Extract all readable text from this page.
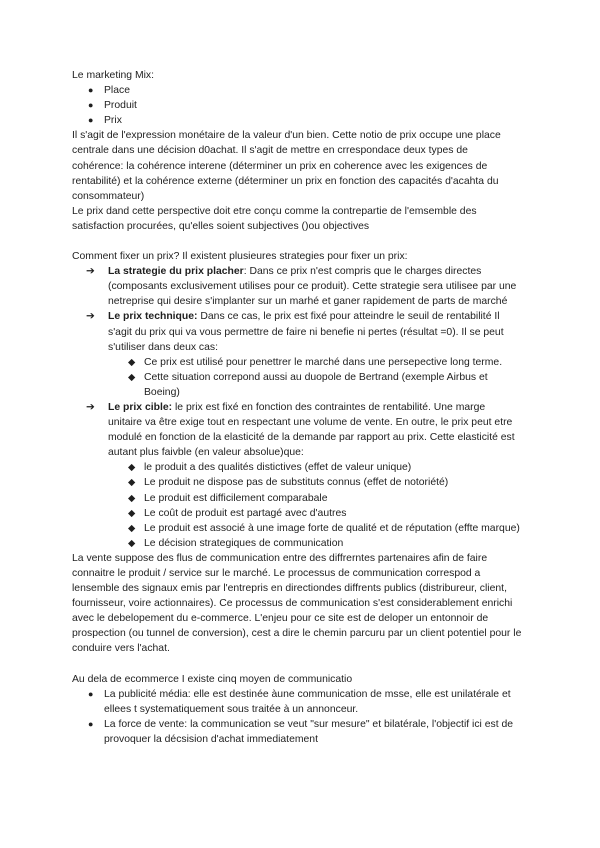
Le marketing Mix:

● Place
● Produit
● Prix

Il s'agit de l'expression monétaire de la valeur d'un bien. Cette notio de prix occupe une place centrale dans une décision d0achat. Il s'agit de mettre en crrespondace deux types de cohérence: la cohérence interene (déterminer un prix en coherence avec les exigences de rentabilité) et la cohérence externe (déterminer un prix en fonction des capacités d'acahta du consommateur)

Le prix dand cette perspective doit etre conçu comme la contrepartie de l'emsemble des satisfaction procurées, qu'elles soient subjectives ()ou objectives

Comment fixer un prix? Il existent plusieures strategies pour fixer un prix:

➔ La strategie du prix placher: Dans ce prix n'est compris que le charges directes (composants exclusivement utilises pour ce produit). Cette strategie sera utilisee par une netreprise qui desire s'implanter sur un marhé et ganer rapidement de parts de marché
➔ Le prix technique: Dans ce cas, le prix est fixé pour atteindre le seuil de rentabilité Il s'agit du prix qui va vous permettre de faire ni benefie ni pertes (résultat =0). Il se peut s'utiliser dans deux cas:
◆ Ce prix est utilisé pour penettrer le marché dans une persepective long terme.
◆ Cette situation correpond aussi au duopole de Bertrand (exemple Airbus et Boeing)
➔ Le prix cible: le prix est fixé en fonction des contraintes de rentabilité. Une marge unitaire va être exige tout en respectant une volume de vente. En outre, le prix peut etre modulé en fonction de la elasticité de la demande par rapport au prix. Cette elasticité est autant plus faivble (en valeur absolue)que:
◆ le produit a des qualités distictives (effet de valeur unique)
◆ Le produit ne dispose pas de substituts connus (effet de notoriété)
◆ Le produit est difficilement comparabale
◆ Le coût de produit est partagé avec d'autres
◆ Le produit est associé à une image forte de qualité et de réputation (effte marque)
◆ Le décision strategiques de communication

La vente suppose des flus de communication entre des diffrerntes partenaires afin de faire connaitre le produit / service sur le marché. Le processus de communication correspod a lensemble des signaux emis par l'entrepris en directiondes diffrents publics (distribureur, client, fournisseur, voire actionnaires). Ce processus de communication s'est considerablement enrichi avec le debelopement du e-commerce. L'enjeu pour ce site est de deloper un entonnoir de prospection (ou tunnel de conversion), cest a dire le chemin parcuru par un client potentiel pour le conduire vers l'achat.

Au dela de ecommerce I existe cinq moyen de communicatio

● La publicité média: elle est destinée àune communication de msse, elle est unilatérale et ellees t systematiquement sous traitée à un annonceur.
● La force de vente: la communication se veut "sur mesure" et bilatérale, l'objectif ici est de provoquer la décsision d'achat immediatement
